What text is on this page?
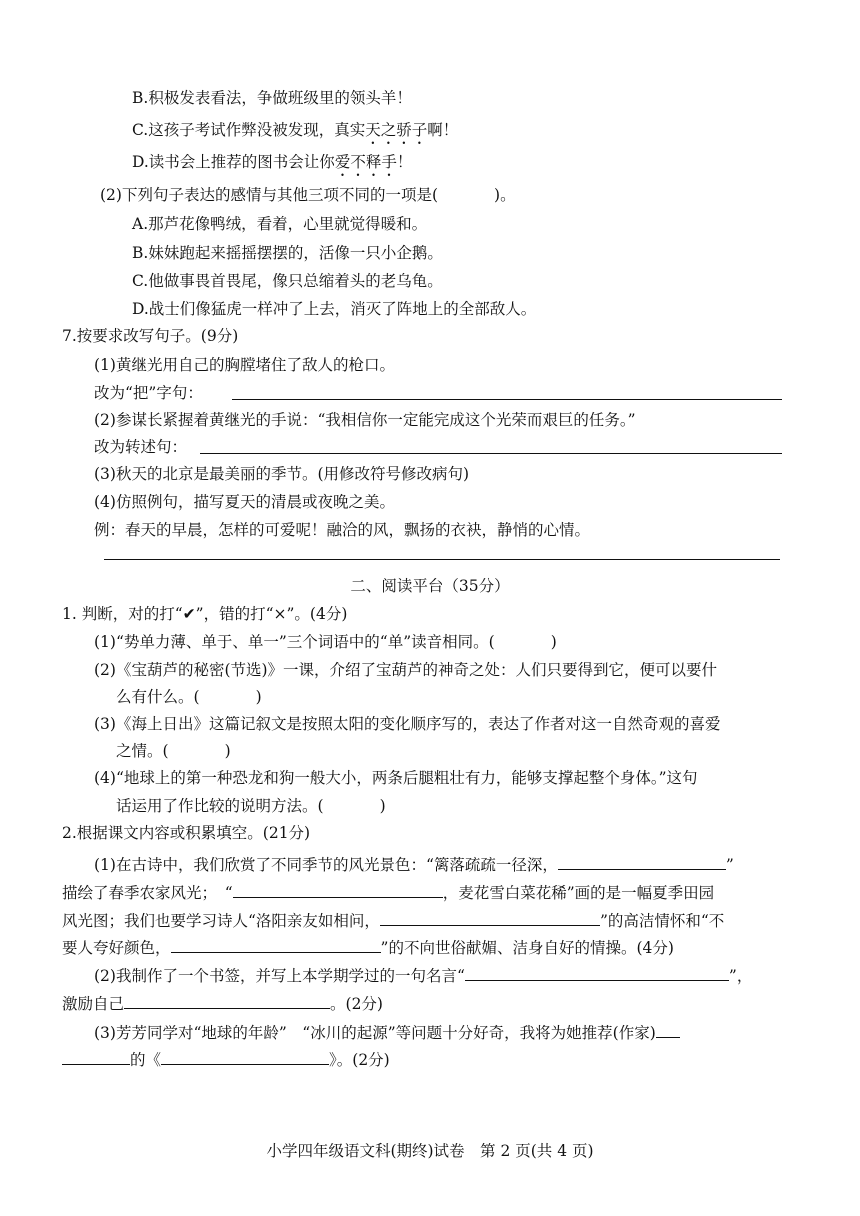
B.积极发表看法，争做班级里的领头羊！
C.这孩子考试作弊没被发现，真实天之骄子啊！
D.读书会上推荐的图书会让你爱不释手！
(2)下列句子表达的感情与其他三项不同的一项是(	)。
A.那芦花像鸭绒，看着，心里就觉得暖和。
B.妹妹跑起来摇摇摆摆的，活像一只小企鹅。
C.他做事畏首畏尾，像只总缩着头的老乌龟。
D.战士们像猛虎一样冲了上去，消灭了阵地上的全部敌人。
7.按要求改写句子。(9分)
(1)黄继光用自己的胸膛堵住了敌人的枪口。
改为“把”字句：
(2)参谋长紧握着黄继光的手说：“我相信你一定能完成这个光荣而艰巨的任务。”
改为转述句：
(3)秋天的北京是最美丽的季节。(用修改符号修改病句)
(4)仿照例句，描写夏天的清晨或夜晚之美。
例：春天的早晨，怎样的可爱呢！融洽的风，飘扬的衣袂，静悄的心情。
二、阅读平台（35分）
1. 判断，对的打“✔”，错的打“×”。(4分)
(1)“势单力薄、单于、单一”三个词语中的“单”读音相同。(	)
(2)《宝葫芦的秘密(节选)》一课，介绍了宝葫芦的神奇之处：人们只要得到它，便可以要什
么有什么。(	)
(3)《海上日出》这篇记叙文是按照太阳的变化顺序写的，表达了作者对这一自然奇观的喜爱
之情。(	)
(4)“地球上的第一种恐龙和狗一般大小，两条后腿粗壮有力，能够支撑起整个身体。”这句
话运用了作比较的说明方法。(	)
2.根据课文内容或积累填空。(21分)
(1)在古诗中，我们欣赏了不同季节的风光景色：“篱落疏疏一径深，	”
描绘了春季农家风光；　“	，麦花雪白菜花稀”画的是一幅夏季田园
风光图；我们也要学习诗人“洛阳亲友如相问，	”的高洁情怀和“不
要人夸好颜色，	”的不向世俗献媚、洁身自好的情操。(4分)
(2)我制作了一个书签，并写上本学期学过的一句名言“	”，
激励自己	。(2分)
(3)芳芳同学对“地球的年龄”　“冰川的起源”等问题十分好奇，我将为她推荐(作家)
的《	》。(2分)
小学四年级语文科(期终)试卷　第 2 页(共 4 页)
